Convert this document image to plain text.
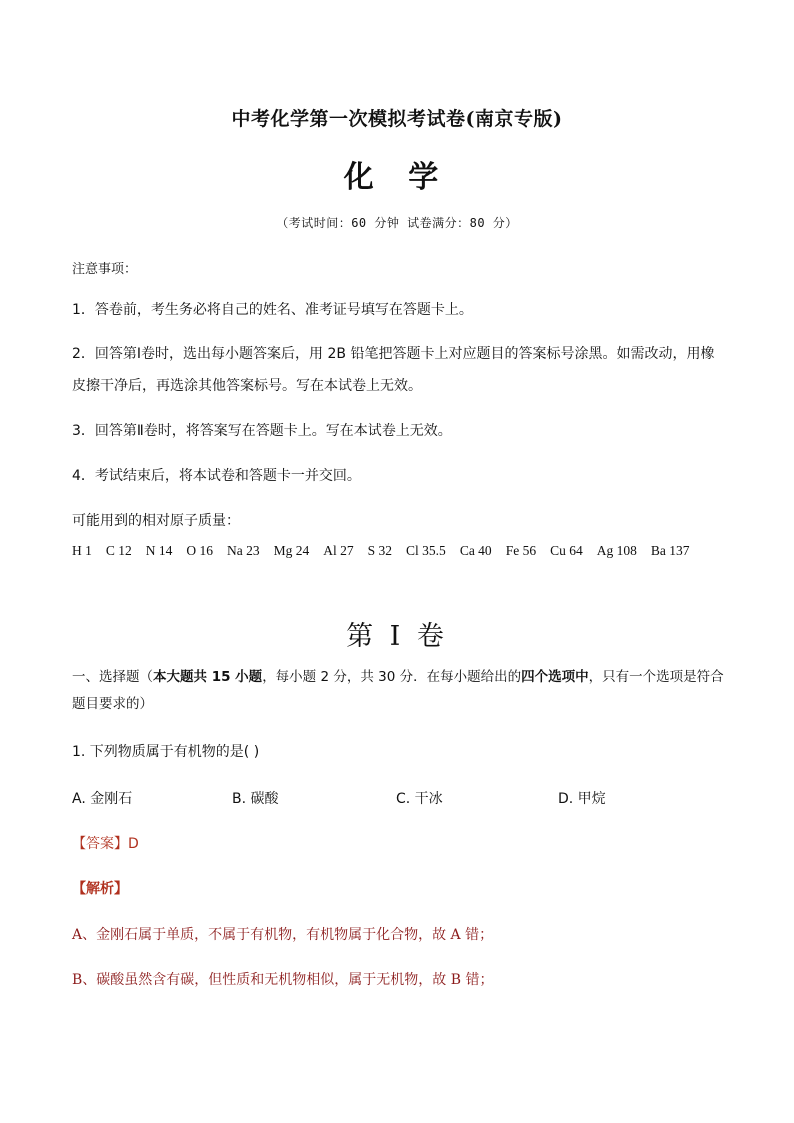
中考化学第一次模拟考试卷(南京专版)
化 学
（考试时间：60 分钟 试卷满分：80 分）
注意事项：
1．答卷前，考生务必将自己的姓名、准考证号填写在答题卡上。
2．回答第Ⅰ卷时，选出每小题答案后，用 2B 铅笔把答题卡上对应题目的答案标号涂黑。如需改动，用橡皮擦干净后，再选涂其他答案标号。写在本试卷上无效。
3．回答第Ⅱ卷时，将答案写在答题卡上。写在本试卷上无效。
4．考试结束后，将本试卷和答题卡一并交回。
可能用到的相对原子质量：
H 1 C 12 N 14 O 16 Na 23 Mg 24 Al 27 S 32 Cl 35.5 Ca 40 Fe 56 Cu 64 Ag 108 Ba 137
第 I 卷
一、选择题（本大题共 15 小题，每小题 2 分，共 30 分．在每小题给出的四个选项中，只有一个选项是符合题目要求的）
1. 下列物质属于有机物的是( )
A. 金刚石	B. 碳酸	C. 干冰	D. 甲烷
【答案】D
【解析】
A、金刚石属于单质，不属于有机物，有机物属于化合物，故 A 错；
B、碳酸虽然含有碳，但性质和无机物相似，属于无机物，故 B 错；
